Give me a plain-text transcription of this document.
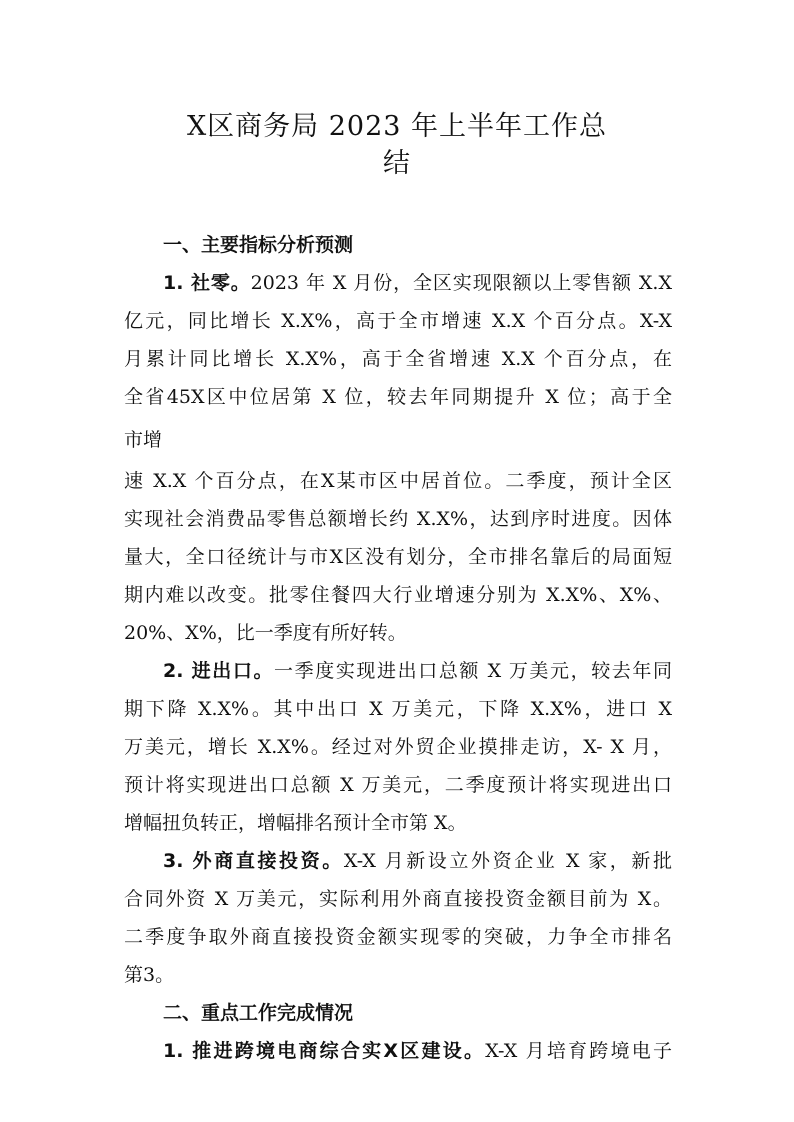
X区商务局 2023 年上半年工作总
结
一、主要指标分析预测
1. 社零。2023 年 X 月份，全区实现限额以上零售额 X.X
亿元，同比增长 X.X%，高于全市增速 X.X 个百分点。X-X
月累计同比增长 X.X%，高于全省增速 X.X 个百分点，在
全省45X区中位居第 X 位，较去年同期提升 X 位；高于全
市增
速 X.X 个百分点，在X某市区中居首位。二季度，预计全区
实现社会消费品零售总额增长约 X.X%，达到序时进度。因体
量大，全口径统计与市X区没有划分，全市排名靠后的局面短
期内难以改变。批零住餐四大行业增速分别为 X.X%、X%、
20%、X%，比一季度有所好转。
2. 进出口。一季度实现进出口总额 X 万美元，较去年同
期下降 X.X%。其中出口 X 万美元，下降 X.X%，进口 X
万美元，增长 X.X%。经过对外贸企业摸排走访，X- X 月，
预计将实现进出口总额 X 万美元，二季度预计将实现进出口
增幅扭负转正，增幅排名预计全市第 X。
3. 外商直接投资。X-X 月新设立外资企业 X 家，新批
合同外资 X 万美元，实际利用外商直接投资金额目前为 X。
二季度争取外商直接投资金额实现零的突破，力争全市排名
第3。
二、重点工作完成情况
1. 推进跨境电商综合实X区建设。X-X 月培育跨境电子
